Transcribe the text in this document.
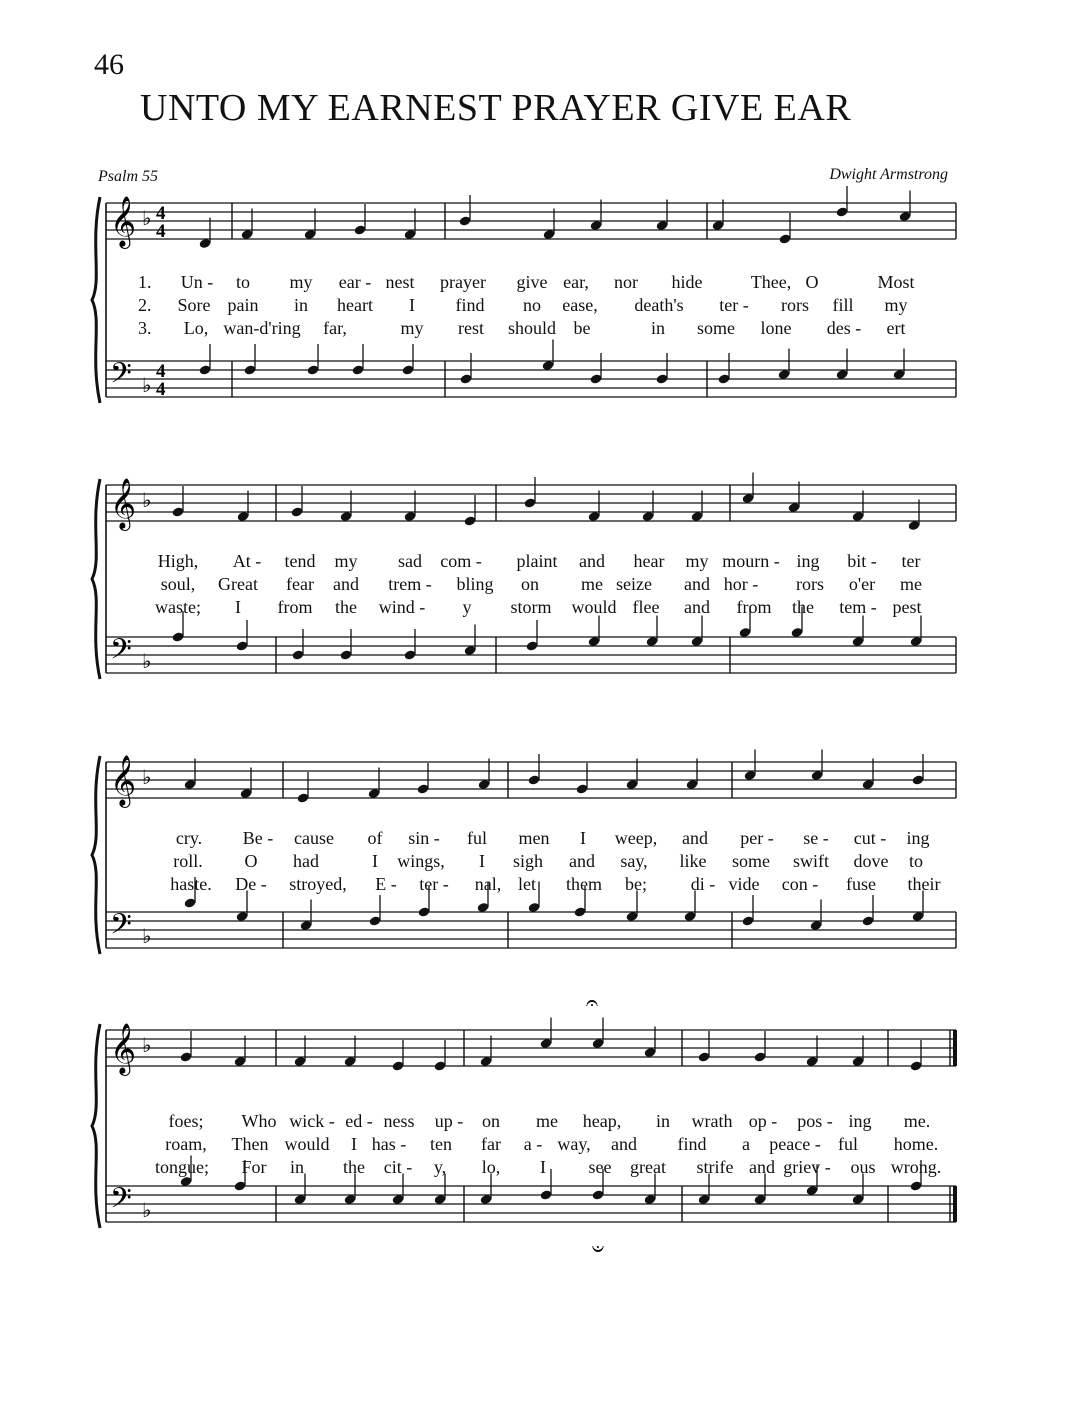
46
UNTO MY EARNEST PRAYER GIVE EAR
Psalm 55	Dwight Armstrong
𝄞
𝄢
♭
♭
4
4
4
4
𝄞
𝄢
♭
♭
𝄞
𝄢
♭
♭
𝄞
𝄢
♭
♭
𝄐
𝄑
1. Un - to my ear - nest prayer give ear, nor hide	Thee, O	Most
2. Sore pain in heart I find no ease, death's ter - rors fill my
3. Lo, wan-d'ring far,	my rest should be	in some lone des - ert
High, At - tend my sad com - plaint and hear my mourn - ing bit - ter
soul, Great fear and trem - bling on me seize and hor - rors o'er me
waste; I from the wind - y storm would flee and from the tem - pest
cry. Be - cause of sin - ful men I weep, and per - se - cut - ing
roll. O had	I wings, I sigh and say, like some swift dove to
haste. De - stroyed, E - ter - nal, let them be; di - vide con - fuse their
foes; Who wick - ed - ness up - on me heap, in wrath op - pos - ing me.
roam, Then would I has - ten far a - way, and find a peace - ful home.
tongue; For in the cit - y, lo, I see great strife and griev - ous wrong.
